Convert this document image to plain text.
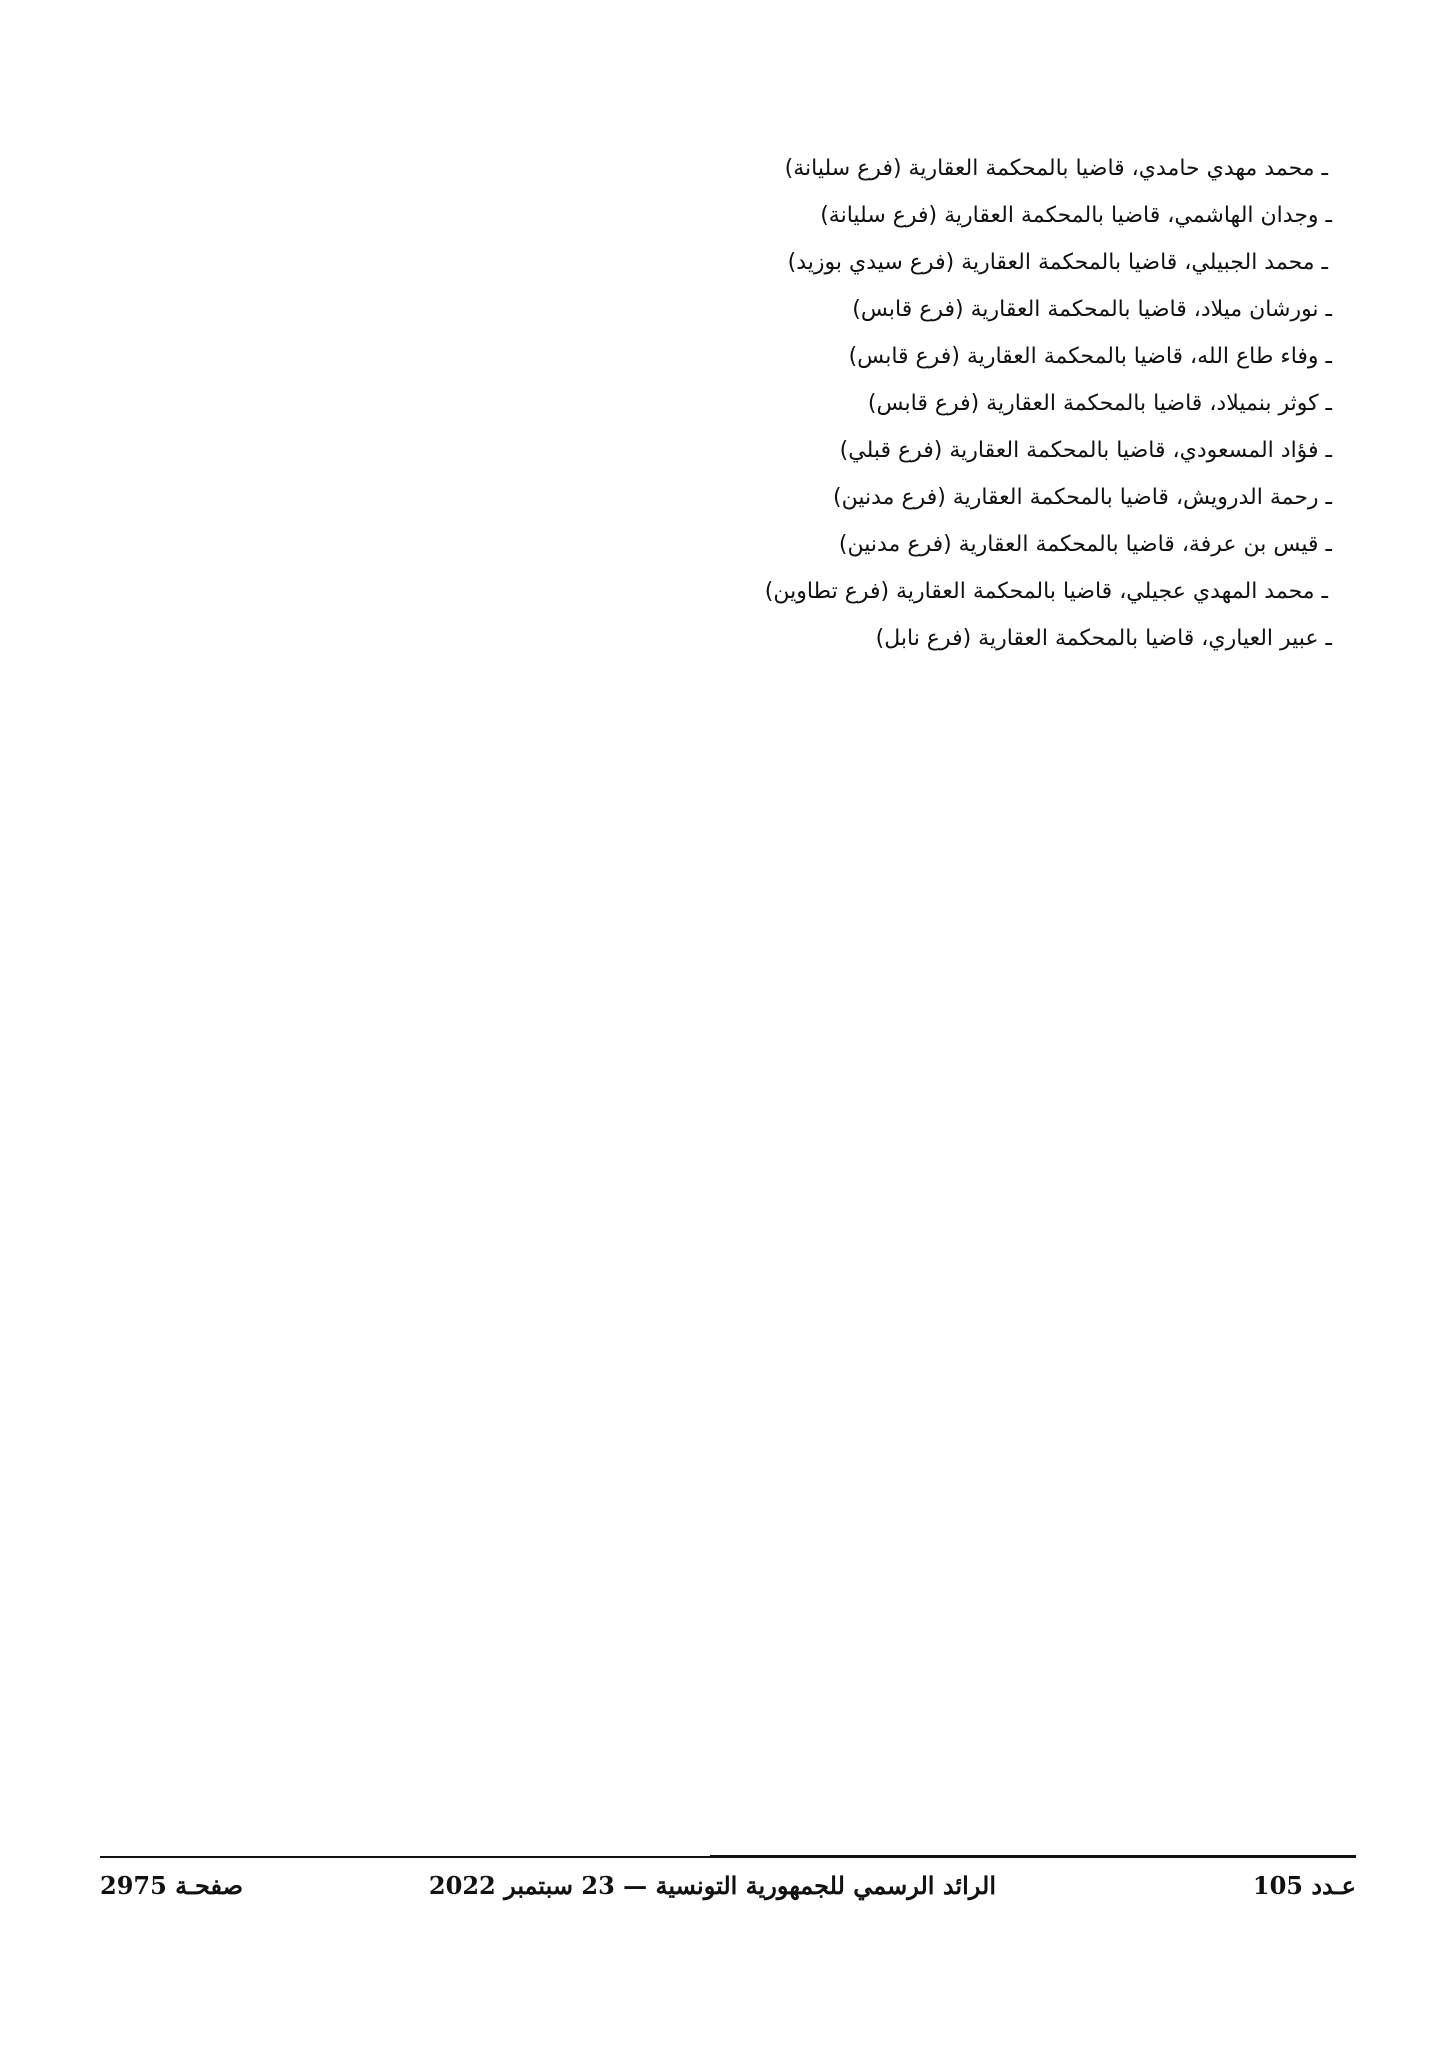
ـ محمد مهدي حامدي، قاضيا بالمحكمة العقارية (فرع سليانة)

ـ وجدان الهاشمي، قاضيا بالمحكمة العقارية (فرع سليانة)

ـ محمد الجبيلي، قاضيا بالمحكمة العقارية (فرع سيدي بوزيد)

ـ نورشان ميلاد، قاضيا بالمحكمة العقارية (فرع قابس)

ـ وفاء طاع الله، قاضيا بالمحكمة العقارية (فرع قابس)

ـ كوثر بنميلاد، قاضيا بالمحكمة العقارية (فرع قابس)

ـ فؤاد المسعودي، قاضيا بالمحكمة العقارية (فرع قبلي)

ـ رحمة الدرويش، قاضيا بالمحكمة العقارية (فرع مدنين)

ـ قيس بن عرفة، قاضيا بالمحكمة العقارية (فرع مدنين)

ـ محمد المهدي عجيلي، قاضيا بالمحكمة العقارية (فرع تطاوين)

ـ عبير العياري، قاضيا بالمحكمة العقارية (فرع نابل)

عـدد 105
الرائد الرسمي للجمهورية التونسية — 23 سبتمبر 2022
صفحـة 2975
